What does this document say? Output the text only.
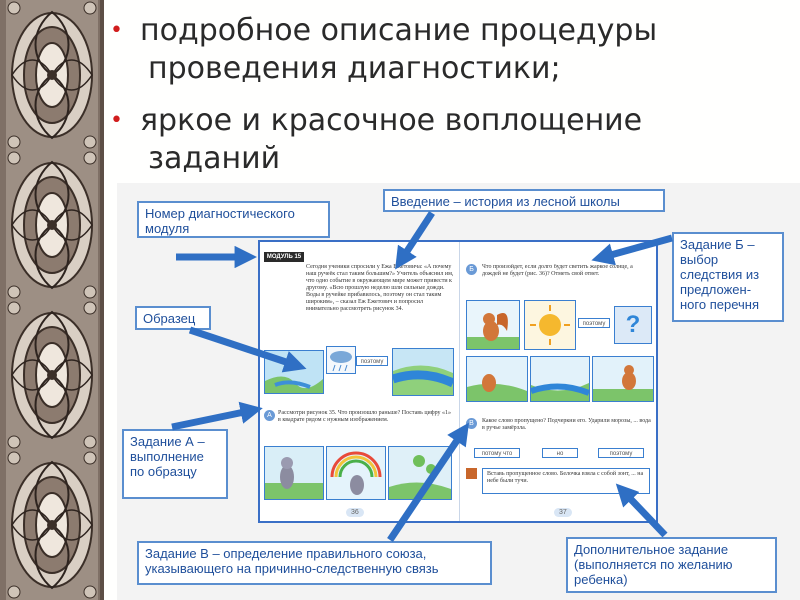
• подробное описание процедуры
проведения диагностики;
• яркое и красочное воплощение
заданий
МОДУЛЬ 15
Сегодня ученики спросили у Ежа Ежетовича: «А почему наш ручеёк стал таким большим?» Учитель объяснил им, что одно событие в окружающем мире может привести к другому. «Всю прошлую неделю шли сильные дожди. Воды в ручейке прибавилось, поэтому он стал таким широким», – сказал Еж Ежетович и попросил внимательно рассмотреть рисунок 34.
поэтому
А	Рассмотри рисунок 35. Что произошло раньше? Поставь цифру «1» в квадрате рядом с нужным изображением.
36
Б	Что произойдет, если долго будет светить жаркое солнце, а дождей не будет (рис. 36)? Отметь свой ответ.
поэтому ?
В	Какое слово пропущено? Подчеркни его. Ударили морозы, ... вода в ручье замёрзла.
потому что	но	поэтому
Вставь пропущенное слово. Белочка взяла с собой зонт, ... на небе были тучи.
37
Номер диагностического модуля
Введение – история из лесной школы
Образец
Задание Б – выбор следствия из предложен-ного перечня
Задание А – выполнение по образцу
Задание В – определение правильного союза, указывающего на причинно-следственную связь
Дополнительное задание (выполняется по желанию ребенка)
